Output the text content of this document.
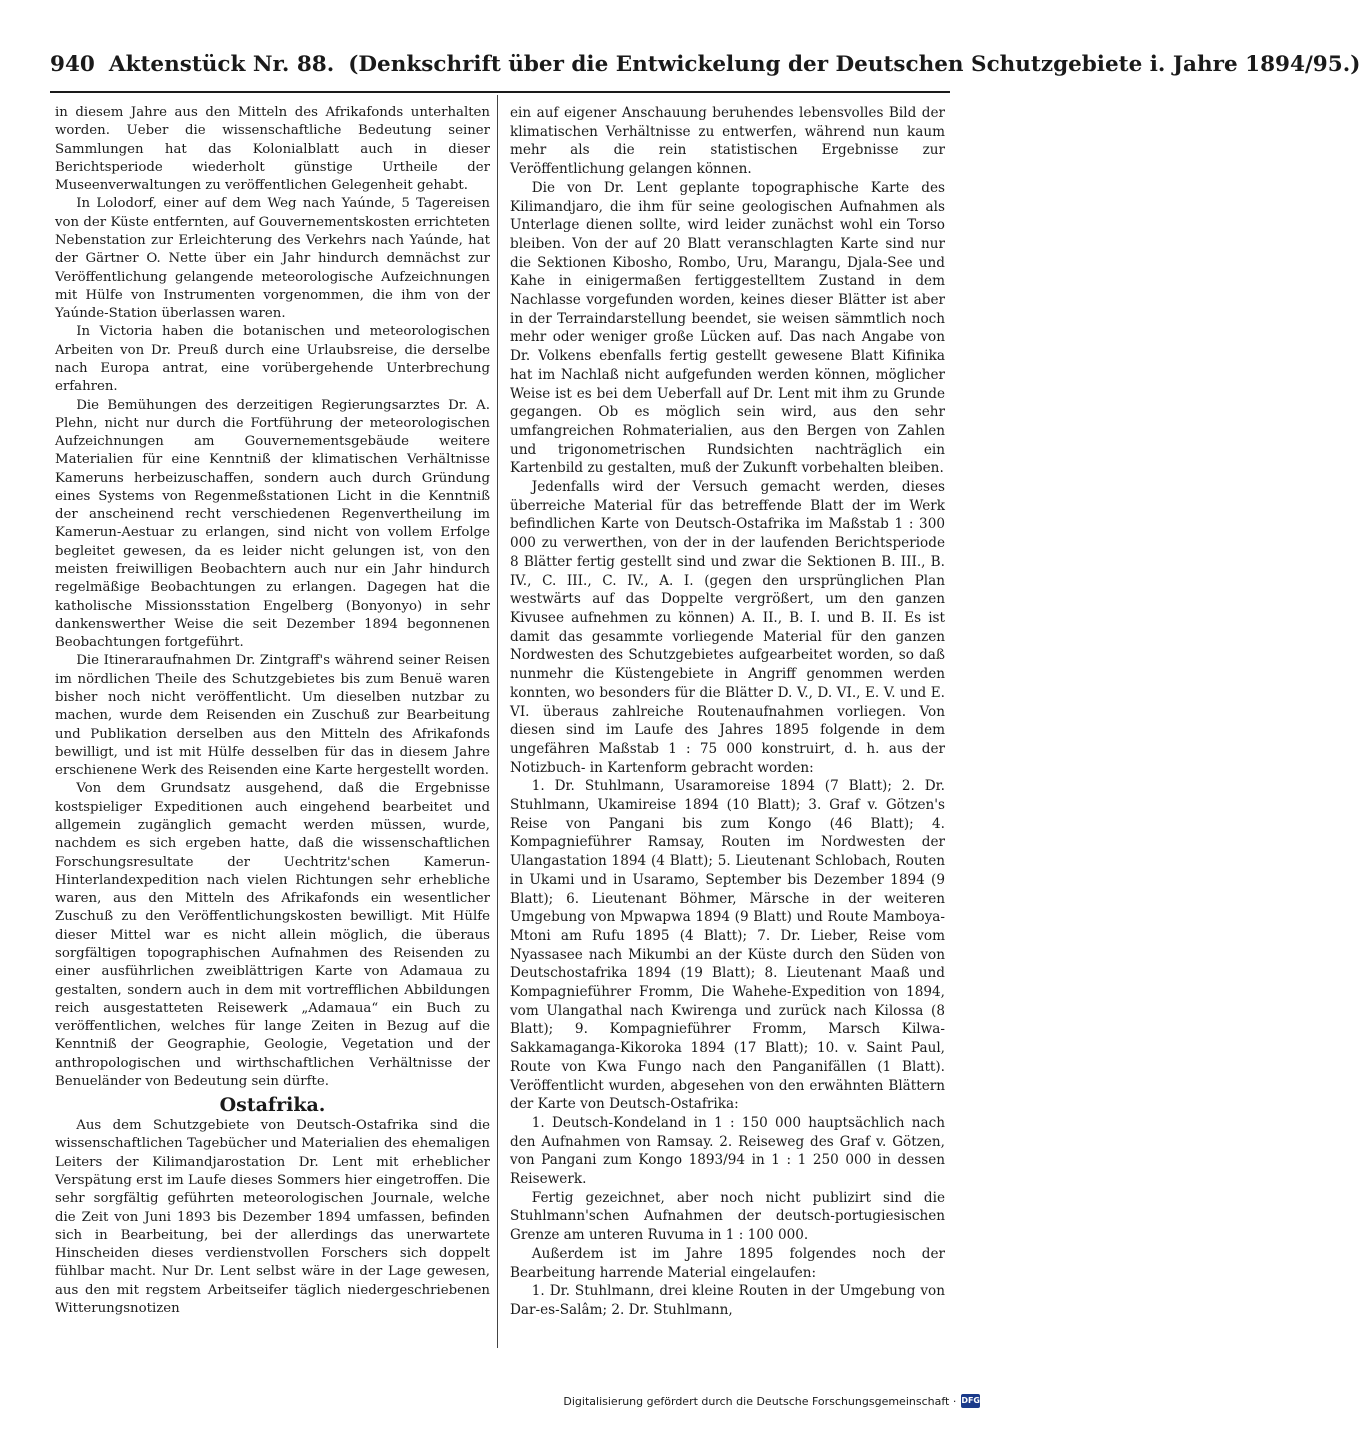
940 Aktenstück Nr. 88. (Denkschrift über die Entwickelung der Deutschen Schutzgebiete i. Jahre 1894/95.)

in diesem Jahre aus den Mitteln des Afrikafonds unterhalten worden. Ueber die wissenschaftliche Bedeutung seiner Sammlungen hat das Kolonialblatt auch in dieser Berichtsperiode wiederholt günstige Urtheile der Museenverwaltungen zu veröffentlichen Gelegenheit gehabt.

In Lolodorf, einer auf dem Weg nach Yaúnde, 5 Tagereisen von der Küste entfernten, auf Gouvernementskosten errichteten Nebenstation zur Erleichterung des Verkehrs nach Yaúnde, hat der Gärtner O. Nette über ein Jahr hindurch demnächst zur Veröffentlichung gelangende meteorologische Aufzeichnungen mit Hülfe von Instrumenten vorgenommen, die ihm von der Yaúnde-Station überlassen waren.

In Victoria haben die botanischen und meteorologischen Arbeiten von Dr. Preuß durch eine Urlaubsreise, die derselbe nach Europa antrat, eine vorübergehende Unterbrechung erfahren.

Die Bemühungen des derzeitigen Regierungsarztes Dr. A. Plehn, nicht nur durch die Fortführung der meteorologischen Aufzeichnungen am Gouvernementsgebäude weitere Materialien für eine Kenntniß der klimatischen Verhältnisse Kameruns herbeizuschaffen, sondern auch durch Gründung eines Systems von Regenmeßstationen Licht in die Kenntniß der anscheinend recht verschiedenen Regenvertheilung im Kamerun-Aestuar zu erlangen, sind nicht von vollem Erfolge begleitet gewesen, da es leider nicht gelungen ist, von den meisten freiwilligen Beobachtern auch nur ein Jahr hindurch regelmäßige Beobachtungen zu erlangen. Dagegen hat die katholische Missionsstation Engelberg (Bonyonyo) in sehr dankenswerther Weise die seit Dezember 1894 begonnenen Beobachtungen fortgeführt.

Die Itineraraufnahmen Dr. Zintgraff's während seiner Reisen im nördlichen Theile des Schutzgebietes bis zum Benuë waren bisher noch nicht veröffentlicht. Um dieselben nutzbar zu machen, wurde dem Reisenden ein Zuschuß zur Bearbeitung und Publikation derselben aus den Mitteln des Afrikafonds bewilligt, und ist mit Hülfe desselben für das in diesem Jahre erschienene Werk des Reisenden eine Karte hergestellt worden.

Von dem Grundsatz ausgehend, daß die Ergebnisse kostspieliger Expeditionen auch eingehend bearbeitet und allgemein zugänglich gemacht werden müssen, wurde, nachdem es sich ergeben hatte, daß die wissenschaftlichen Forschungsresultate der Uechtritz'schen Kamerun-Hinterlandexpedition nach vielen Richtungen sehr erhebliche waren, aus den Mitteln des Afrikafonds ein wesentlicher Zuschuß zu den Veröffentlichungskosten bewilligt. Mit Hülfe dieser Mittel war es nicht allein möglich, die überaus sorgfältigen topographischen Aufnahmen des Reisenden zu einer ausführlichen zweiblättrigen Karte von Adamaua zu gestalten, sondern auch in dem mit vortrefflichen Abbildungen reich ausgestatteten Reisewerk „Adamaua“ ein Buch zu veröffentlichen, welches für lange Zeiten in Bezug auf die Kenntniß der Geographie, Geologie, Vegetation und der anthropologischen und wirthschaftlichen Verhältnisse der Benueländer von Bedeutung sein dürfte.

Ostafrika.

Aus dem Schutzgebiete von Deutsch-Ostafrika sind die wissenschaftlichen Tagebücher und Materialien des ehemaligen Leiters der Kilimandjarostation Dr. Lent mit erheblicher Verspätung erst im Laufe dieses Sommers hier eingetroffen. Die sehr sorgfältig geführten meteorologischen Journale, welche die Zeit von Juni 1893 bis Dezember 1894 umfassen, befinden sich in Bearbeitung, bei der allerdings das unerwartete Hinscheiden dieses verdienstvollen Forschers sich doppelt fühlbar macht. Nur Dr. Lent selbst wäre in der Lage gewesen, aus den mit regstem Arbeitseifer täglich niedergeschriebenen Witterungsnotizen

ein auf eigener Anschauung beruhendes lebensvolles Bild der klimatischen Verhältnisse zu entwerfen, während nun kaum mehr als die rein statistischen Ergebnisse zur Veröffentlichung gelangen können.

Die von Dr. Lent geplante topographische Karte des Kilimandjaro, die ihm für seine geologischen Aufnahmen als Unterlage dienen sollte, wird leider zunächst wohl ein Torso bleiben. Von der auf 20 Blatt veranschlagten Karte sind nur die Sektionen Kibosho, Rombo, Uru, Marangu, Djala-See und Kahe in einigermaßen fertiggestelltem Zustand in dem Nachlasse vorgefunden worden, keines dieser Blätter ist aber in der Terraindarstellung beendet, sie weisen sämmtlich noch mehr oder weniger große Lücken auf. Das nach Angabe von Dr. Volkens ebenfalls fertig gestellt gewesene Blatt Kifinika hat im Nachlaß nicht aufgefunden werden können, möglicher Weise ist es bei dem Ueberfall auf Dr. Lent mit ihm zu Grunde gegangen. Ob es möglich sein wird, aus den sehr umfangreichen Rohmaterialien, aus den Bergen von Zahlen und trigonometrischen Rundsichten nachträglich ein Kartenbild zu gestalten, muß der Zukunft vorbehalten bleiben.

Jedenfalls wird der Versuch gemacht werden, dieses überreiche Material für das betreffende Blatt der im Werk befindlichen Karte von Deutsch-Ostafrika im Maßstab 1 : 300 000 zu verwerthen, von der in der laufenden Berichtsperiode 8 Blätter fertig gestellt sind und zwar die Sektionen B. III., B. IV., C. III., C. IV., A. I. (gegen den ursprünglichen Plan westwärts auf das Doppelte vergrößert, um den ganzen Kivusee aufnehmen zu können) A. II., B. I. und B. II. Es ist damit das gesammte vorliegende Material für den ganzen Nordwesten des Schutzgebietes aufgearbeitet worden, so daß nunmehr die Küstengebiete in Angriff genommen werden konnten, wo besonders für die Blätter D. V., D. VI., E. V. und E. VI. überaus zahlreiche Routenaufnahmen vorliegen. Von diesen sind im Laufe des Jahres 1895 folgende in dem ungefähren Maßstab 1 : 75 000 konstruirt, d. h. aus der Notizbuch- in Kartenform gebracht worden:

1. Dr. Stuhlmann, Usaramoreise 1894 (7 Blatt); 2. Dr. Stuhlmann, Ukamireise 1894 (10 Blatt); 3. Graf v. Götzen's Reise von Pangani bis zum Kongo (46 Blatt); 4. Kompagnieführer Ramsay, Routen im Nordwesten der Ulangastation 1894 (4 Blatt); 5. Lieutenant Schlobach, Routen in Ukami und in Usaramo, September bis Dezember 1894 (9 Blatt); 6. Lieutenant Böhmer, Märsche in der weiteren Umgebung von Mpwapwa 1894 (9 Blatt) und Route Mamboya-Mtoni am Rufu 1895 (4 Blatt); 7. Dr. Lieber, Reise vom Nyassasee nach Mikumbi an der Küste durch den Süden von Deutschostafrika 1894 (19 Blatt); 8. Lieutenant Maaß und Kompagnieführer Fromm, Die Wahehe-Expedition von 1894, vom Ulangathal nach Kwirenga und zurück nach Kilossa (8 Blatt); 9. Kompagnieführer Fromm, Marsch Kilwa-Sakkamaganga-Kikoroka 1894 (17 Blatt); 10. v. Saint Paul, Route von Kwa Fungo nach den Panganifällen (1 Blatt). Veröffentlicht wurden, abgesehen von den erwähnten Blättern der Karte von Deutsch-Ostafrika:

1. Deutsch-Kondeland in 1 : 150 000 hauptsächlich nach den Aufnahmen von Ramsay. 2. Reiseweg des Graf v. Götzen, von Pangani zum Kongo 1893/94 in 1 : 1 250 000 in dessen Reisewerk.

Fertig gezeichnet, aber noch nicht publizirt sind die Stuhlmann'schen Aufnahmen der deutsch-portugiesischen Grenze am unteren Ruvuma in 1 : 100 000.

Außerdem ist im Jahre 1895 folgendes noch der Bearbeitung harrende Material eingelaufen:

1. Dr. Stuhlmann, drei kleine Routen in der Umgebung von Dar-es-Salâm; 2. Dr. Stuhlmann,

Digitalisierung gefördert durch die Deutsche Forschungsgemeinschaft · DFG
